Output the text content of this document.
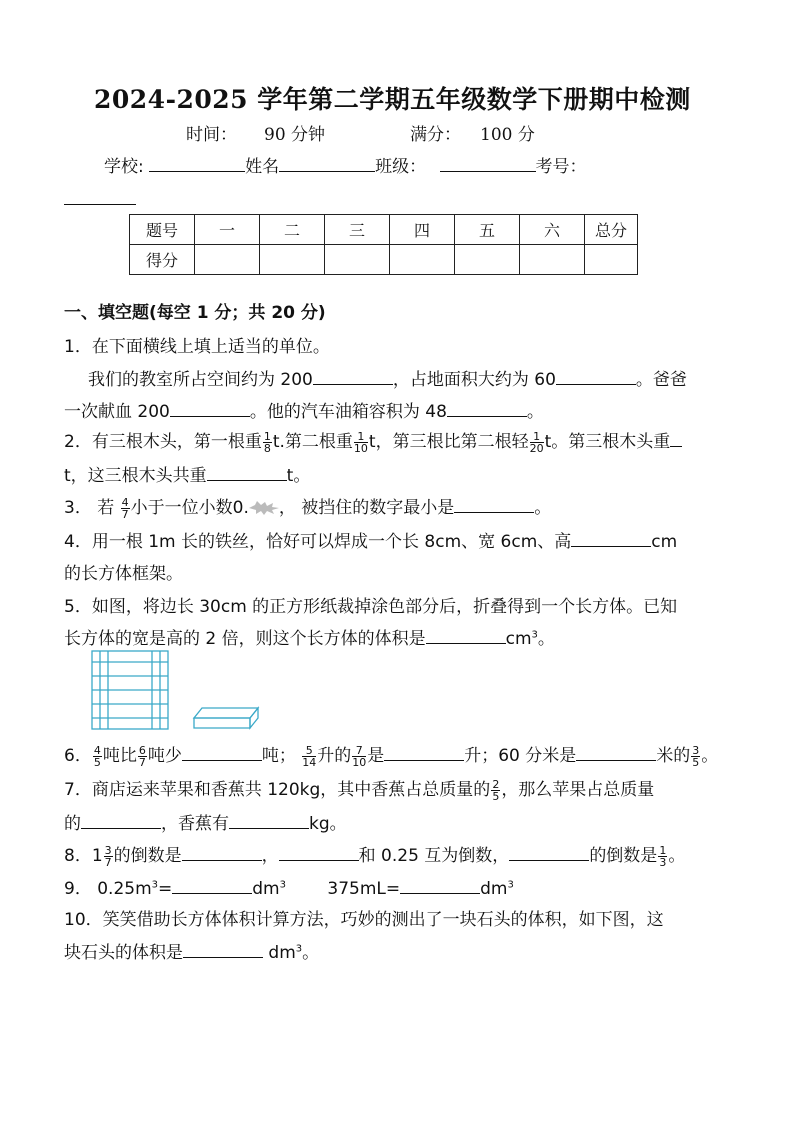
2024-2025 学年第二学期五年级数学下册期中检测
时间： 90 分钟	满分： 100 分
学校:	姓名	班级：	考号：
题号	一	二	三	四	五	六	总分
得分							
一、填空题(每空 1 分；共 20 分)
1．在下面横线上填上适当的单位。
我们的教室所占空间约为 200	，占地面积大约为 60	。爸爸
一次献血 200	。他的汽车油箱容积为 48	。
2．有三根木头，第一根重 $\frac{1}{8} t$.第二根重 $\frac{1}{10}$ t，第三根比第二根轻 $\frac{1}{20}$ t。第三根木头重
t，这三根木头共重	t。
3． 若 $\frac{4}{7}$ 小于一位小数0. ， 被挡住的数字最小是	。
4．用一根 1m 长的铁丝，恰好可以焊成一个长 8cm、宽 6cm、高	cm
的长方体框架。
5．如图，将边长 30cm 的正方形纸裁掉涂色部分后，折叠得到一个长方体。已知
长方体的宽是高的 2 倍，则这个长方体的体积是	$cm^3$。
6． $\frac{4}{5}$ 吨比 $\frac{6}{7}$ 吨少	吨； $\frac{5}{14}$ 升的 $\frac{7}{10}$ 是	升；60 分米是	米的 $\frac{3}{5}$ 。
7．商店运来苹果和香蕉共 120kg，其中香蕉占总质量的 $\frac{2}{5}$ ，那么苹果占总质量
的	，香蕉有	kg。
8．$1 \frac{3}{7}$ 的倒数是	，	和 0.25 互为倒数，	的倒数是 $\frac{1}{3}$ 。
9． $0.25m^3=$	$dm^3$ 375mL=	$dm^3$
10．笑笑借助长方体体积计算方法，巧妙的测出了一块石头的体积，如下图，这
块石头的体积是	$dm^3$。
